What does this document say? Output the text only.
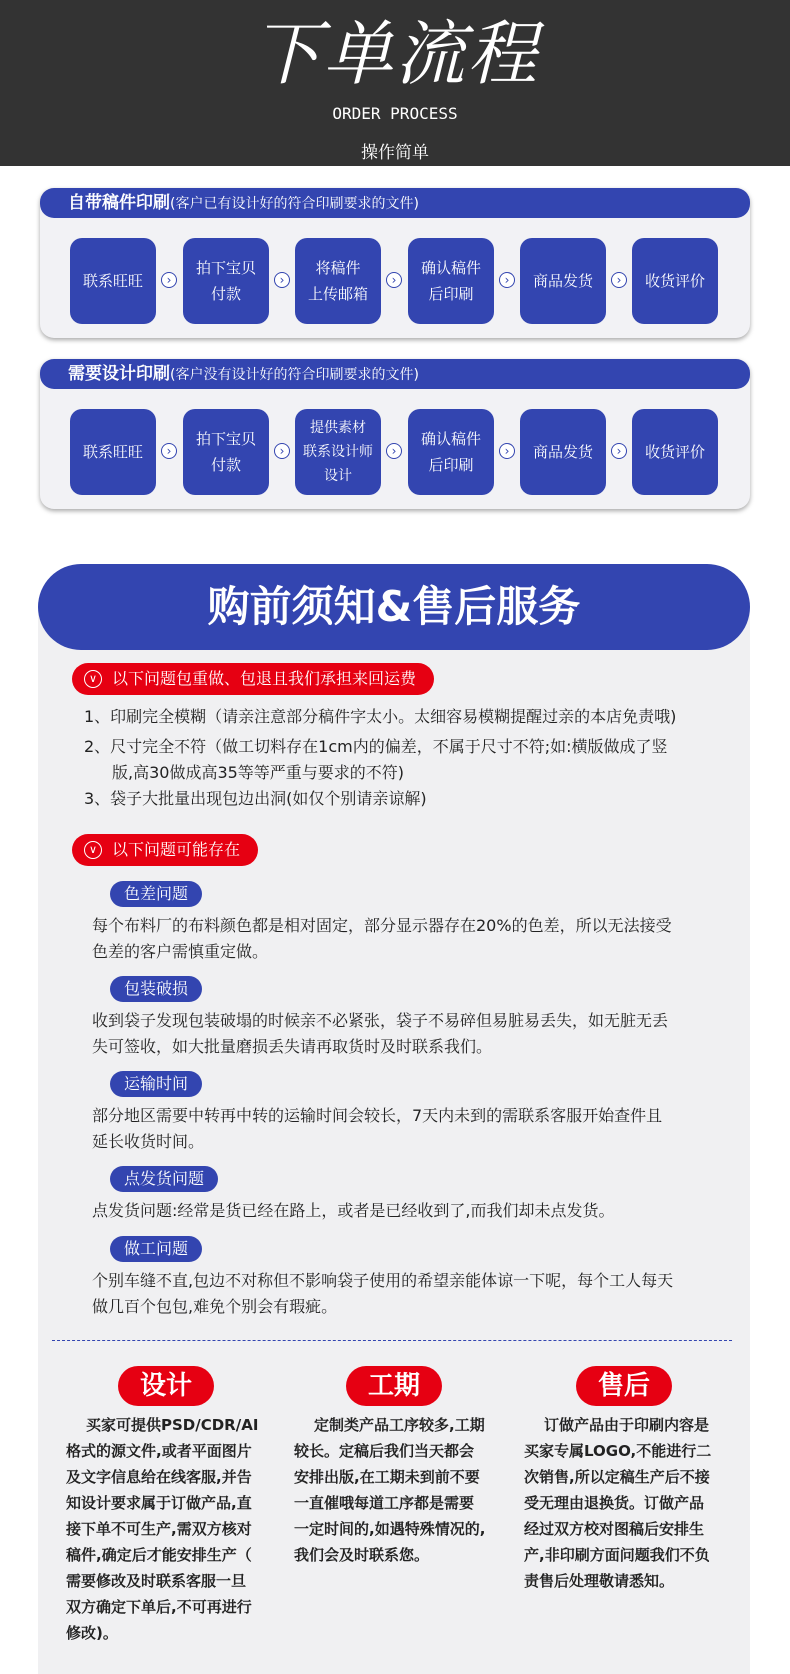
下单流程
ORDER PROCESS
操作简单
自带稿件印刷(客户已有设计好的符合印刷要求的文件)
联系旺旺	›
拍下宝贝
付款
›
将稿件
上传邮箱
›
确认稿件
后印刷
›	商品发货	›	收货评价
需要设计印刷(客户没有设计好的符合印刷要求的文件)
联系旺旺	›
拍下宝贝
付款
›
提供素材
联系设计师
设计
›
确认稿件
后印刷
›	商品发货	›	收货评价
购前须知&售后服务
∨ 以下问题包重做、包退且我们承担来回运费
1、印刷完全模糊（请亲注意部分稿件字太小。太细容易模糊提醒过亲的本店免责哦)
2、尺寸完全不符（做工切料存在1cm内的偏差，不属于尺寸不符;如:横版做成了竖
版,高30做成高35等等严重与要求的不符)
3、袋子大批量出现包边出洞(如仅个别请亲谅解)
∨ 以下问题可能存在
色差问题
每个布料厂的布料颜色都是相对固定，部分显示器存在20%的色差，所以无法接受
色差的客户需慎重定做。
包装破损
收到袋子发现包装破塌的时候亲不必紧张，袋子不易碎但易脏易丢失，如无脏无丢
失可签收，如大批量磨损丢失请再取货时及时联系我们。
运输时间
部分地区需要中转再中转的运输时间会较长，7天内未到的需联系客服开始查件且
延长收货时间。
点发货问题
点发货问题:经常是货已经在路上，或者是已经收到了,而我们却未点发货。
做工问题
个别车缝不直,包边不对称但不影响袋子使用的希望亲能体谅一下呢，每个工人每天
做几百个包包,难免个别会有瑕疵。
设计	工期	售后
买家可提供PSD/CDR/AI
格式的源文件,或者平面图片
及文字信息给在线客服,并告
知设计要求属于订做产品,直
接下单不可生产,需双方核对
稿件,确定后才能安排生产（
需要修改及时联系客服一旦
双方确定下单后,不可再进行
修改)。
定制类产品工序较多,工期
较长。定稿后我们当天都会
安排出版,在工期未到前不要
一直催哦每道工序都是需要
一定时间的,如遇特殊情况的,
我们会及时联系您。
订做产品由于印刷内容是
买家专属LOGO,不能进行二
次销售,所以定稿生产后不接
受无理由退换货。订做产品
经过双方校对图稿后安排生
产,非印刷方面问题我们不负
责售后处理敬请悉知。
